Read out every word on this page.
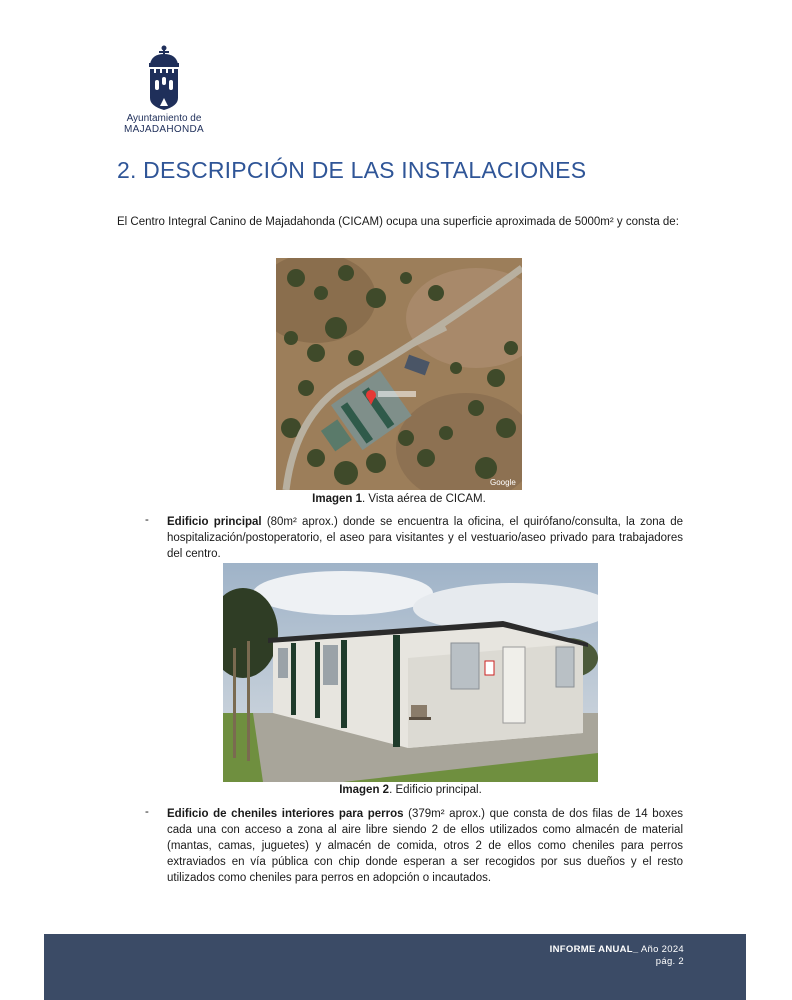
Ayuntamiento de
MAJADAHONDA
2. DESCRIPCIÓN DE LAS INSTALACIONES

El Centro Integral Canino de Majadahonda (CICAM) ocupa una superficie aproximada de 5000m² y consta de:

Google
Imagen 1. Vista aérea de CICAM.
- Edificio principal (80m² aprox.) donde se encuentra la oficina, el quirófano/consulta, la zona de hospitalización/postoperatorio, el aseo para visitantes y el vestuario/aseo privado para trabajadores del centro.

Imagen 2. Edificio principal.
- Edificio de cheniles interiores para perros (379m² aprox.) que consta de dos filas de 14 boxes cada una con acceso a zona al aire libre siendo 2 de ellos utilizados como almacén de material (mantas, camas, juguetes) y almacén de comida, otros 2 de ellos como cheniles para perros extraviados en vía pública con chip donde esperan a ser recogidos por sus dueños y el resto utilizados como cheniles para perros en adopción o incautados.

INFORME ANUAL_ Año 2024
pág. 2
